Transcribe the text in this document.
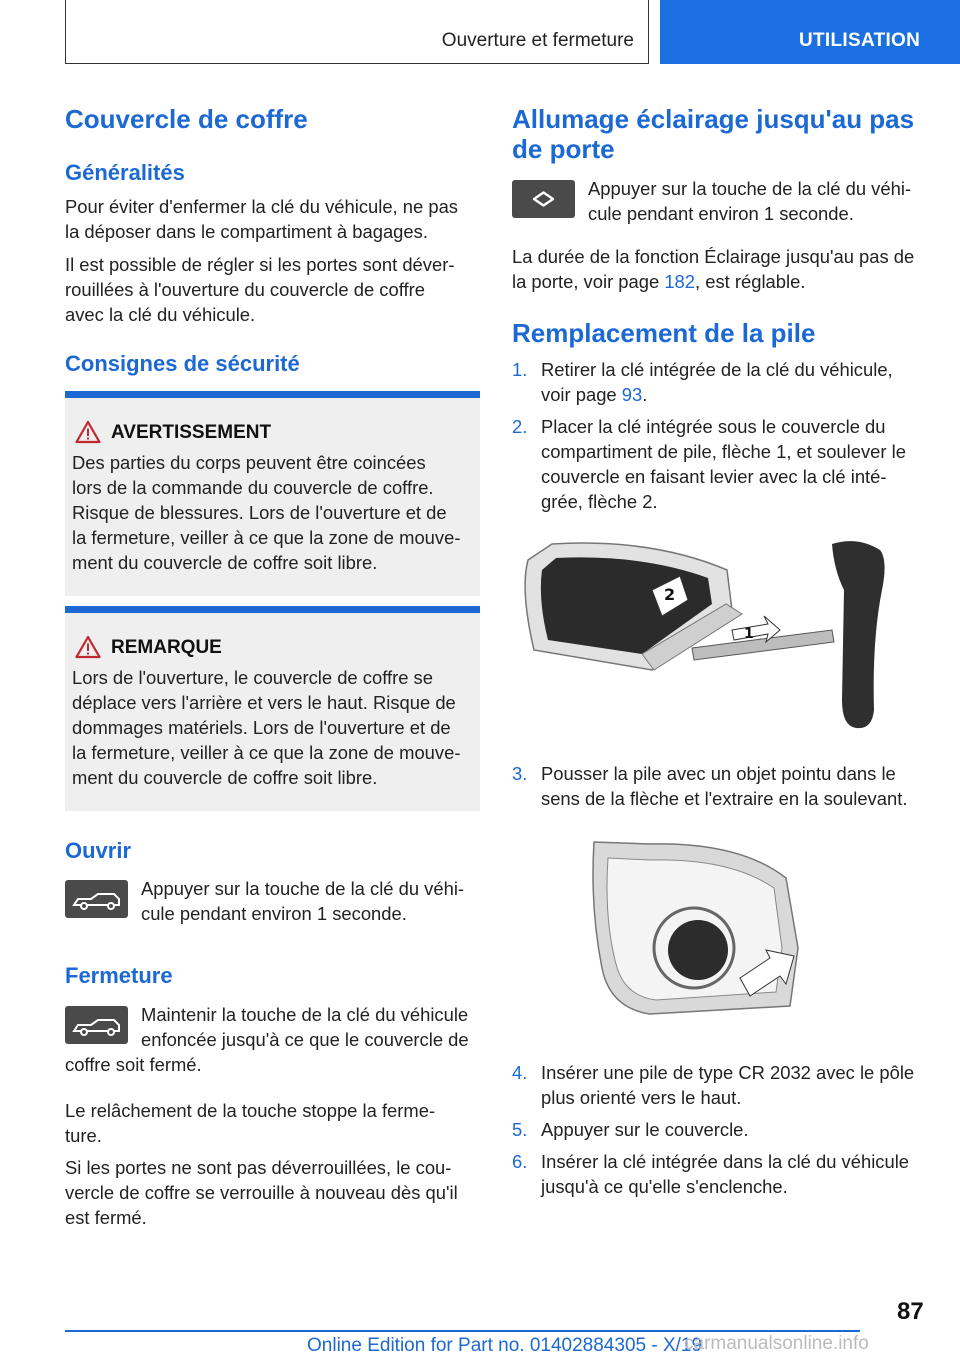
Ouverture et fermeture	UTILISATION
Couvercle de coffre
Généralités

Pour éviter d'enfermer la clé du véhicule, ne pas

la déposer dans le compartiment à bagages.

Il est possible de régler si les portes sont déver‐

rouillées à l'ouverture du couvercle de coffre

avec la clé du véhicule.

Consignes de sécurité
AVERTISSEMENT
Des parties du corps peuvent être coincées
lors de la commande du couvercle de coffre.
Risque de blessures. Lors de l'ouverture et de
la fermeture, veiller à ce que la zone de mouve‐
ment du couvercle de coffre soit libre.
REMARQUE
Lors de l'ouverture, le couvercle de coffre se
déplace vers l'arrière et vers le haut. Risque de
dommages matériels. Lors de l'ouverture et de
la fermeture, veiller à ce que la zone de mouve‐
ment du couvercle de coffre soit libre.
Ouvrir

Appuyer sur la touche de la clé du véhi‐

cule pendant environ 1 seconde.

Fermeture

Maintenir la touche de la clé du véhicule

enfoncée jusqu'à ce que le couvercle de

coffre soit fermé.

Le relâchement de la touche stoppe la ferme‐

ture.

Si les portes ne sont pas déverrouillées, le cou‐

vercle de coffre se verrouille à nouveau dès qu'il

est fermé.

Allumage éclairage jusqu'au pas
de porte

Appuyer sur la touche de la clé du véhi‐

cule pendant environ 1 seconde.

La durée de la fonction Éclairage jusqu'au pas de

la porte, voir page 182, est réglable.

Remplacement de la pile
1. Retirer la clé intégrée de la clé du véhicule,

voir page 93.

2. Placer la clé intégrée sous le couvercle du

compartiment de pile, flèche 1, et soulever le

couvercle en faisant levier avec la clé inté‐

grée, flèche 2.

2
1
3. Pousser la pile avec un objet pointu dans le

sens de la flèche et l'extraire en la soulevant.

4. Insérer une pile de type CR 2032 avec le pôle

plus orienté vers le haut.

5. Appuyer sur le couvercle.

6. Insérer la clé intégrée dans la clé du véhicule

jusqu'à ce qu'elle s'enclenche.

87
Online Edition for Part no. 01402884305 - X/19
carmanualsonline.info
